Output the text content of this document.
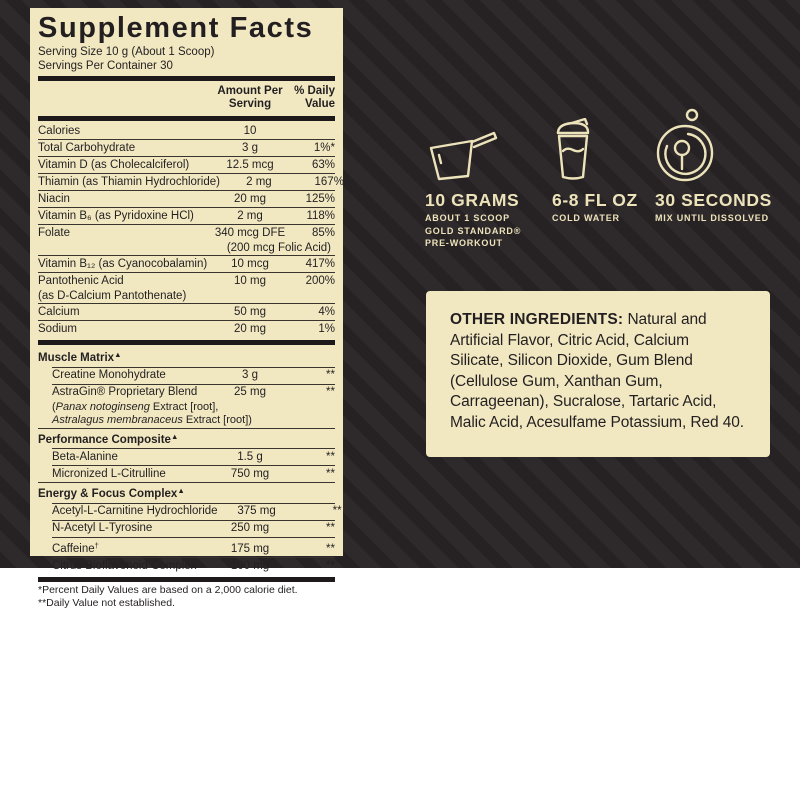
Supplement Facts
Serving Size 10 g (About 1 Scoop)
Servings Per Container 30
Amount Per Serving
% Daily Value
Calories	10
Total Carbohydrate	3 g	1%*
Vitamin D (as Cholecalciferol)	12.5 mcg	63%
Thiamin (as Thiamin Hydrochloride)	2 mg	167%
Niacin	20 mg	125%
Vitamin B₆ (as Pyridoxine HCl)	2 mg	118%
Folate	340 mcg DFE	85%
(200 mcg Folic Acid)
Vitamin B₁₂ (as Cyanocobalamin)	10 mcg	417%
Pantothenic Acid	10 mg	200%
(as D-Calcium Pantothenate)
Calcium	50 mg	4%
Sodium	20 mg	1%
Muscle Matrix▲
Creatine Monohydrate	3 g	**
AstraGin® Proprietary Blend	25 mg	**
(Panax notoginseng Extract [root],
Astralagus membranaceus Extract [root])
Performance Composite▲
Beta-Alanine	1.5 g	**
Micronized L-Citrulline	750 mg	**
Energy & Focus Complex▲
Acetyl-L-Carnitine Hydrochloride	375 mg	**
N-Acetyl L-Tyrosine	250 mg	**
Caffeine†	175 mg	**
Citrus Bioflavonoid Complex	100 mg	**
*Percent Daily Values are based on a 2,000 calorie diet.
**Daily Value not established.
10 GRAMS
ABOUT 1 SCOOP
GOLD STANDARD®
PRE-WORKOUT
6-8 FL OZ
COLD WATER
30 SECONDS
MIX UNTIL DISSOLVED

OTHER INGREDIENTS: Natural and Artificial Flavor, Citric Acid, Calcium Silicate, Silicon Dioxide, Gum Blend (Cellulose Gum, Xanthan Gum, Carrageenan), Sucralose, Tartaric Acid, Malic Acid, Acesulfame Potassium, Red 40.
